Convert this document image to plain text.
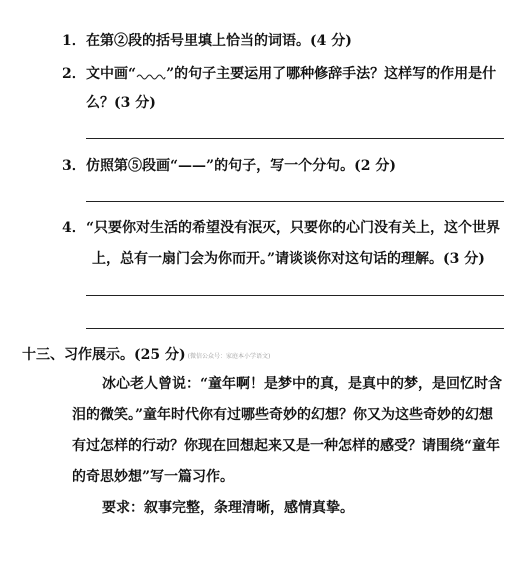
1．在第②段的括号里填上恰当的词语。(4 分)
2．文中画“ ”的句子主要运用了哪种修辞手法？这样写的作用是什
么？(3 分)
3．仿照第⑤段画“——”的句子，写一个分句。(2 分)
4．“只要你对生活的希望没有泯灭，只要你的心门没有关上，这个世界
上，总有一扇门会为你而开。”请谈谈你对这句话的理解。(3 分)
十三、习作展示。(25 分) (微信公众号：家庭本小学语文)
冰心老人曾说：“童年啊！是梦中的真，是真中的梦，是回忆时含
泪的微笑。”童年时代你有过哪些奇妙的幻想？你又为这些奇妙的幻想
有过怎样的行动？你现在回想起来又是一种怎样的感受？请围绕“童年
的奇思妙想”写一篇习作。
要求：叙事完整，条理清晰，感情真挚。
